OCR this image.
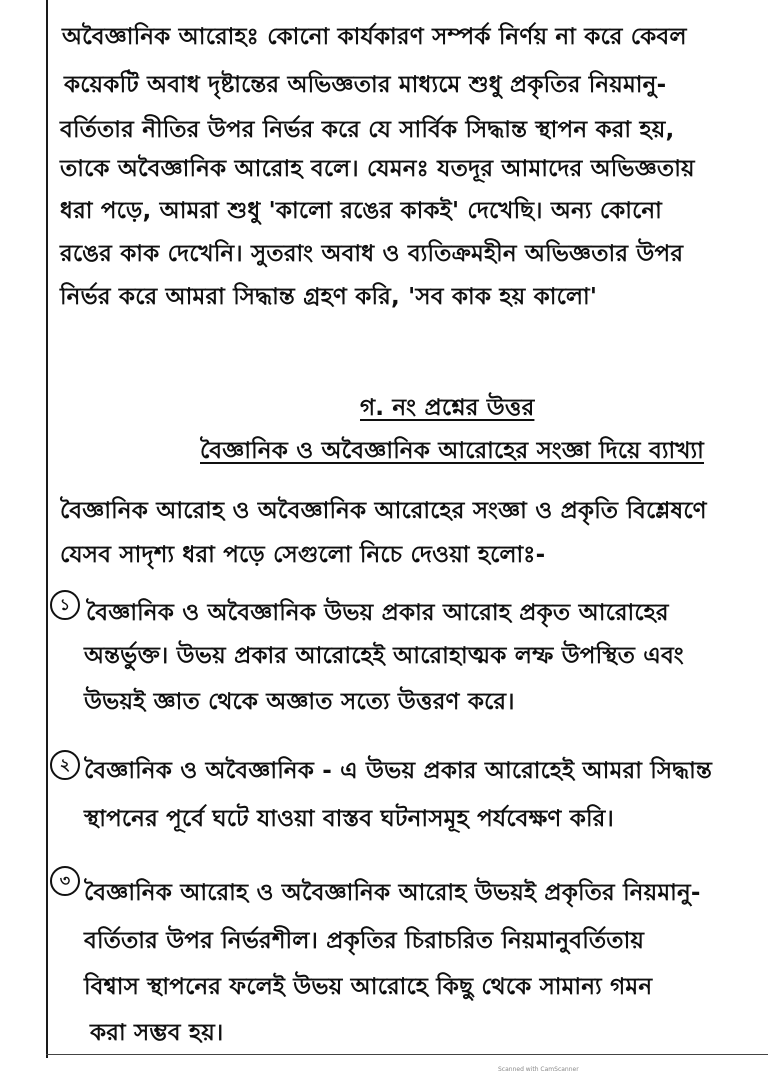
অবৈজ্ঞানিক আরোহঃ কোনো কার্যকারণ সম্পর্ক নির্ণয় না করে কেবল
কয়েকটি অবাধ দৃষ্টান্তের অভিজ্ঞতার মাধ্যমে শুধু প্রকৃতির নিয়মানু-
বর্তিতার নীতির উপর নির্ভর করে যে সার্বিক সিদ্ধান্ত স্থাপন করা হয়,
তাকে অবৈজ্ঞানিক আরোহ বলে। যেমনঃ যতদূর আমাদের অভিজ্ঞতায়
ধরা পড়ে, আমরা শুধু 'কালো রঙের কাকই' দেখেছি। অন্য কোনো
রঙের কাক দেখেনি। সুতরাং অবাধ ও ব্যতিক্রমহীন অভিজ্ঞতার উপর
নির্ভর করে আমরা সিদ্ধান্ত গ্রহণ করি, 'সব কাক হয় কালো'
গ. নং প্রশ্নের উত্তর
বৈজ্ঞানিক ও অবৈজ্ঞানিক আরোহের সংজ্ঞা দিয়ে ব্যাখ্যা
বৈজ্ঞানিক আরোহ ও অবৈজ্ঞানিক আরোহের সংজ্ঞা ও প্রকৃতি বিশ্লেষণে
যেসব সাদৃশ্য ধরা পড়ে সেগুলো নিচে দেওয়া হলোঃ-
১ বৈজ্ঞানিক ও অবৈজ্ঞানিক উভয় প্রকার আরোহ প্রকৃত আরোহের
অন্তর্ভুক্ত। উভয় প্রকার আরোহেই আরোহাত্মক লম্ফ উপস্থিত এবং
উভয়ই জ্ঞাত থেকে অজ্ঞাত সত্যে উত্তরণ করে।
২ বৈজ্ঞানিক ও অবৈজ্ঞানিক - এ উভয় প্রকার আরোহেই আমরা সিদ্ধান্ত
স্থাপনের পূর্বে ঘটে যাওয়া বাস্তব ঘটনাসমূহ পর্যবেক্ষণ করি।
৩ বৈজ্ঞানিক আরোহ ও অবৈজ্ঞানিক আরোহ উভয়ই প্রকৃতির নিয়মানু-
বর্তিতার উপর নির্ভরশীল। প্রকৃতির চিরাচরিত নিয়মানুবর্তিতায়
বিশ্বাস স্থাপনের ফলেই উভয় আরোহে কিছু থেকে সামান্য গমন
করা সম্ভব হয়।
Scanned with CamScanner
